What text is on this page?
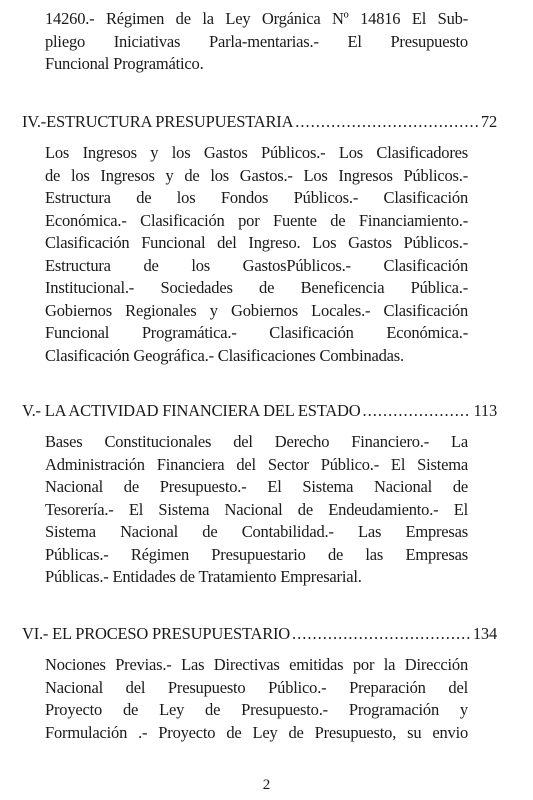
14260.- Régimen de la Ley Orgánica Nº 14816 El Sub-
pliego Iniciativas Parla-mentarias.- El Presupuesto
Funcional Programático.
IV.-ESTRUCTURA PRESUPUESTARIA .....	72
Los Ingresos y los Gastos Públicos.- Los Clasificadores
de los Ingresos y de los Gastos.- Los Ingresos Públicos.-
Estructura de los Fondos Públicos.- Clasificación
Económica.- Clasificación por Fuente de Financiamiento.-
Clasificación Funcional del Ingreso. Los Gastos Públicos.-
Estructura de los GastosPúblicos.- Clasificación
Institucional.- Sociedades de Beneficencia Pública.-
Gobiernos Regionales y Gobiernos Locales.- Clasificación
Funcional Programática.- Clasificación Económica.-
Clasificación Geográfica.- Clasificaciones Combinadas.
V.- LA ACTIVIDAD FINANCIERA DEL ESTADO .....	113
Bases Constitucionales del Derecho Financiero.- La
Administración Financiera del Sector Público.- El Sistema
Nacional de Presupuesto.- El Sistema Nacional de
Tesorería.- El Sistema Nacional de Endeudamiento.- El
Sistema Nacional de Contabilidad.- Las Empresas
Públicas.- Régimen Presupuestario de las Empresas
Públicas.- Entidades de Tratamiento Empresarial.
VI.- EL PROCESO PRESUPUESTARIO .....	134
Nociones Previas.- Las Directivas emitidas por la Dirección
Nacional del Presupuesto Público.- Preparación del
Proyecto de Ley de Presupuesto.- Programación y
Formulación .- Proyecto de Ley de Presupuesto, su envio
2
